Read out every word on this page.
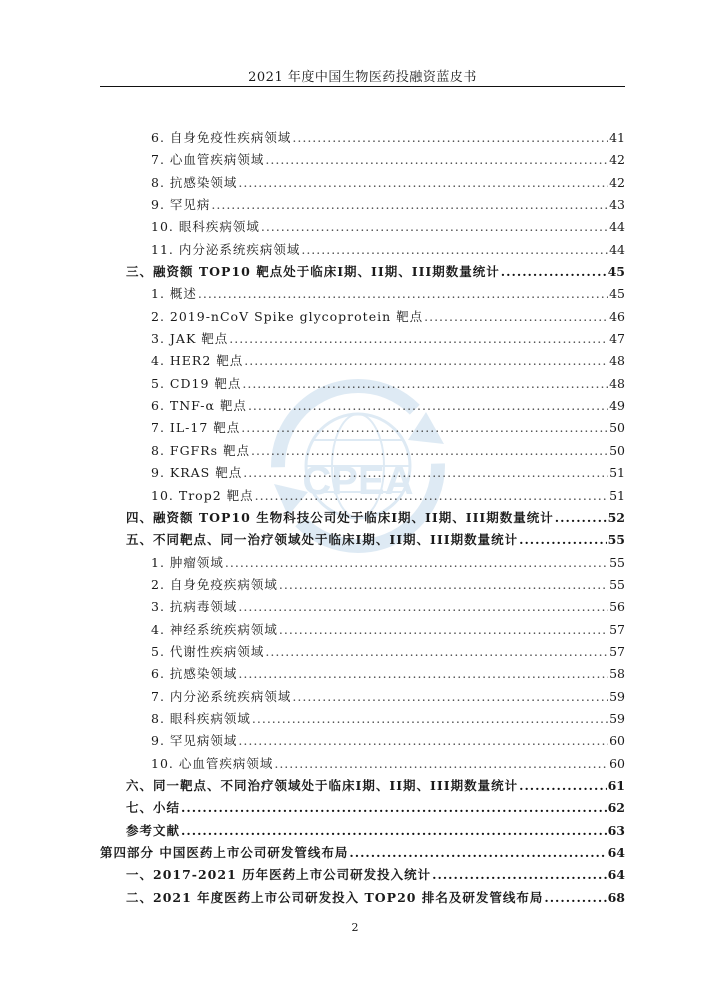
2021 年度中国生物医药投融资蓝皮书
CPEA
6. 自身免疫性疾病领域 .....	41
7. 心血管疾病领域 .....	42
8. 抗感染领域 .....	42
9. 罕见病 .....	43
10. 眼科疾病领域 .....	44
11. 内分泌系统疾病领域 .....	44
三、融资额 TOP10 靶点处于临床I期、II期、III期数量统计 .....	45
1. 概述 .....	45
2. 2019-nCoV Spike glycoprotein 靶点 .....	46
3. JAK 靶点 .....	47
4. HER2 靶点 .....	48
5. CD19 靶点 .....	48
6. TNF-α 靶点 .....	49
7. IL-17 靶点 .....	50
8. FGFRs 靶点 .....	50
9. KRAS 靶点 .....	51
10. Trop2 靶点 .....	51
四、融资额 TOP10 生物科技公司处于临床I期、II期、III期数量统计 .....	52
五、不同靶点、同一治疗领域处于临床I期、II期、III期数量统计 .....	55
1. 肿瘤领域 .....	55
2. 自身免疫疾病领域 .....	55
3. 抗病毒领域 .....	56
4. 神经系统疾病领域 .....	57
5. 代谢性疾病领域 .....	57
6. 抗感染领域 .....	58
7. 内分泌系统疾病领域 .....	59
8. 眼科疾病领域 .....	59
9. 罕见病领域 .....	60
10. 心血管疾病领域 .....	60
六、同一靶点、不同治疗领域处于临床I期、II期、III期数量统计 .....	61
七、小结 .....	62
参考文献 .....	63
第四部分 中国医药上市公司研发管线布局 .....	64
一、2017-2021 历年医药上市公司研发投入统计 .....	64
二、2021 年度医药上市公司研发投入 TOP20 排名及研发管线布局 .....	68
2
